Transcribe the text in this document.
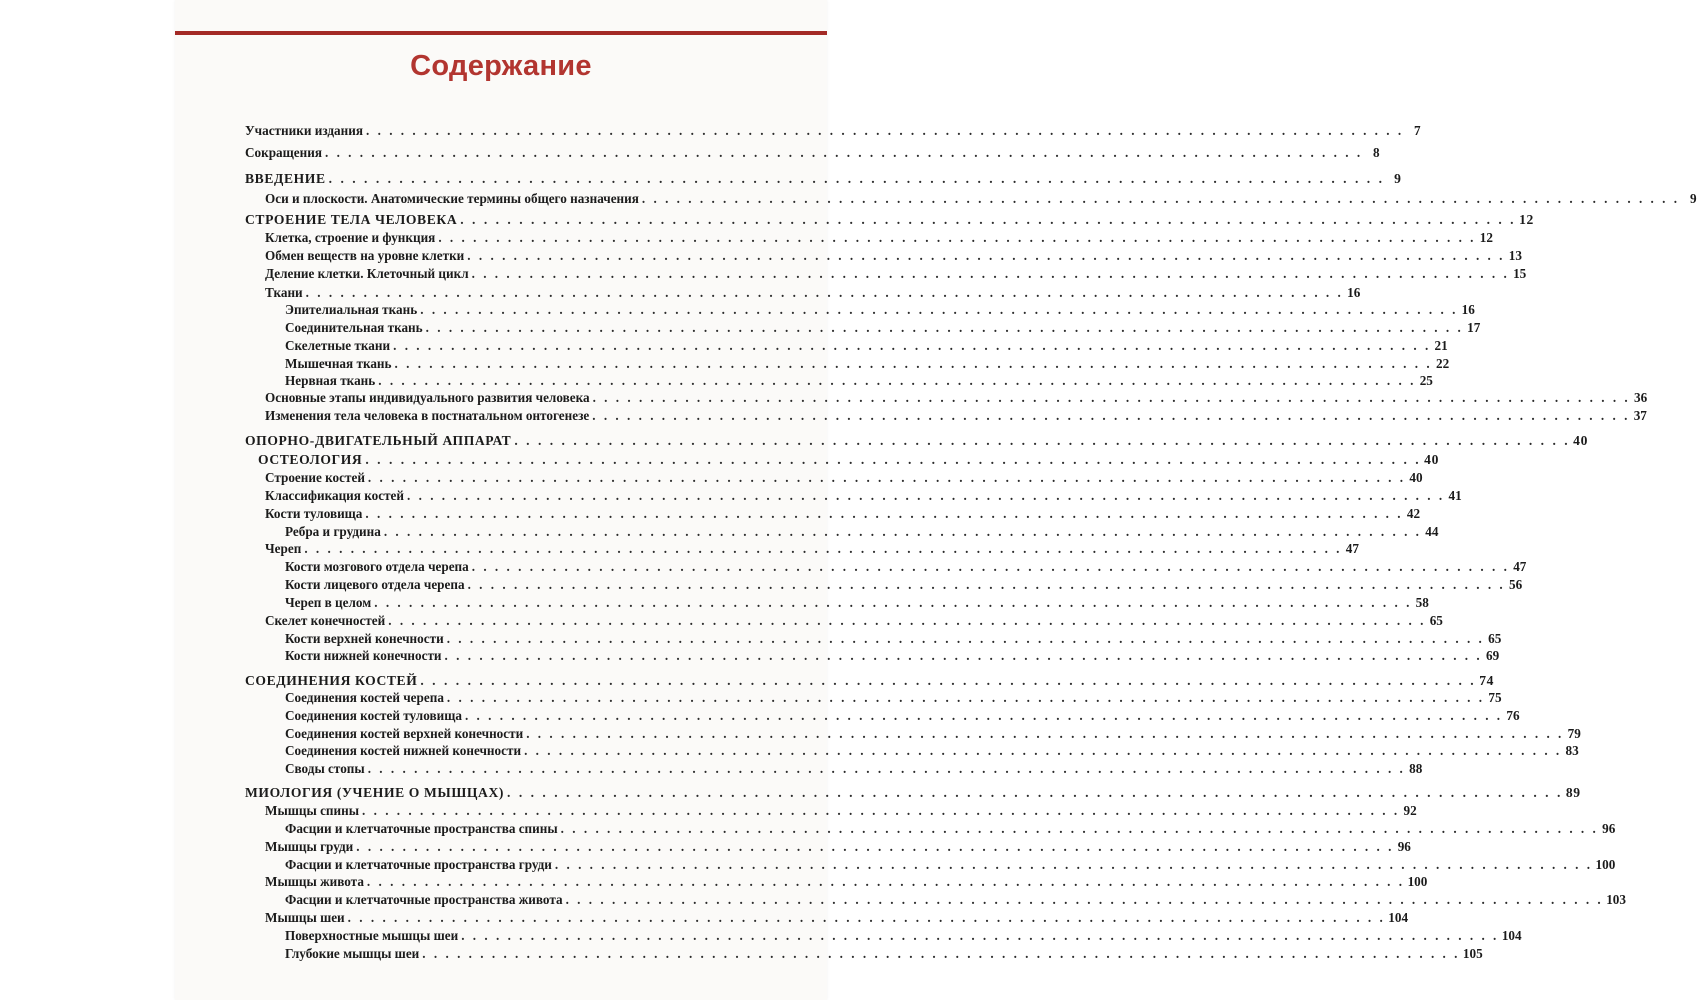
Содержание
Участники издания . . . . . . . . . . . . . . . . . . . . . . . . . . . . . . . . . . . . . . . . . . . . . . . . . . . . . . . . . . . . . . . . . . . . . . . . . . . . . . . . . . . . . . . . . . 7
Сокращения . . . . . . . . . . . . . . . . . . . . . . . . . . . . . . . . . . . . . . . . . . . . . . . . . . . . . . . . . . . . . . . . . . . . . . . . . . . . . . . . . . . . . . . . . . 8
ВВЕДЕНИЕ . . . . . . . . . . . . . . . . . . . . . . . . . . . . . . . . . . . . . . . . . . . . . . . . . . . . . . . . . . . . . . . . . . . . . . . . . . . . . . . . . . . . . . . . . . 9
Оси и плоскости. Анатомические термины общего назначения . . . . . . . . . . . . . . . . . . . . . . . . . . . . . . . . . . . . . . . . . . . . . . . . . . . . . . . . . . . . . . . . . . . . . . . . . . . . . . . . . . . . . . . . . . 9
СТРОЕНИЕ ТЕЛА ЧЕЛОВЕКА . . . . . . . . . . . . . . . . . . . . . . . . . . . . . . . . . . . . . . . . . . . . . . . . . . . . . . . . . . . . . . . . . . . . . . . . . . . . . . . . . . . . . . . . . . 12
Клетка, строение и функция . . . . . . . . . . . . . . . . . . . . . . . . . . . . . . . . . . . . . . . . . . . . . . . . . . . . . . . . . . . . . . . . . . . . . . . . . . . . . . . . . . . . . . . . . . 12
Обмен веществ на уровне клетки . . . . . . . . . . . . . . . . . . . . . . . . . . . . . . . . . . . . . . . . . . . . . . . . . . . . . . . . . . . . . . . . . . . . . . . . . . . . . . . . . . . . . . . . . . 13
Деление клетки. Клеточный цикл . . . . . . . . . . . . . . . . . . . . . . . . . . . . . . . . . . . . . . . . . . . . . . . . . . . . . . . . . . . . . . . . . . . . . . . . . . . . . . . . . . . . . . . . . . 15
Ткани . . . . . . . . . . . . . . . . . . . . . . . . . . . . . . . . . . . . . . . . . . . . . . . . . . . . . . . . . . . . . . . . . . . . . . . . . . . . . . . . . . . . . . . . . . 16
Эпителиальная ткань . . . . . . . . . . . . . . . . . . . . . . . . . . . . . . . . . . . . . . . . . . . . . . . . . . . . . . . . . . . . . . . . . . . . . . . . . . . . . . . . . . . . . . . . . . 16
Соединительная ткань . . . . . . . . . . . . . . . . . . . . . . . . . . . . . . . . . . . . . . . . . . . . . . . . . . . . . . . . . . . . . . . . . . . . . . . . . . . . . . . . . . . . . . . . . . 17
Скелетные ткани . . . . . . . . . . . . . . . . . . . . . . . . . . . . . . . . . . . . . . . . . . . . . . . . . . . . . . . . . . . . . . . . . . . . . . . . . . . . . . . . . . . . . . . . . . 21
Мышечная ткань . . . . . . . . . . . . . . . . . . . . . . . . . . . . . . . . . . . . . . . . . . . . . . . . . . . . . . . . . . . . . . . . . . . . . . . . . . . . . . . . . . . . . . . . . . 22
Нервная ткань . . . . . . . . . . . . . . . . . . . . . . . . . . . . . . . . . . . . . . . . . . . . . . . . . . . . . . . . . . . . . . . . . . . . . . . . . . . . . . . . . . . . . . . . . . 25
Основные этапы индивидуального развития человека . . . . . . . . . . . . . . . . . . . . . . . . . . . . . . . . . . . . . . . . . . . . . . . . . . . . . . . . . . . . . . . . . . . . . . . . . . . . . . . . . . . . . . . . . . 36
Изменения тела человека в постнатальном онтогенезе . . . . . . . . . . . . . . . . . . . . . . . . . . . . . . . . . . . . . . . . . . . . . . . . . . . . . . . . . . . . . . . . . . . . . . . . . . . . . . . . . . . . . . . . . . 37
ОПОРНО-ДВИГАТЕЛЬНЫЙ АППАРАТ . . . . . . . . . . . . . . . . . . . . . . . . . . . . . . . . . . . . . . . . . . . . . . . . . . . . . . . . . . . . . . . . . . . . . . . . . . . . . . . . . . . . . . . . . . 40
ОСТЕОЛОГИЯ . . . . . . . . . . . . . . . . . . . . . . . . . . . . . . . . . . . . . . . . . . . . . . . . . . . . . . . . . . . . . . . . . . . . . . . . . . . . . . . . . . . . . . . . . . 40
Строение костей . . . . . . . . . . . . . . . . . . . . . . . . . . . . . . . . . . . . . . . . . . . . . . . . . . . . . . . . . . . . . . . . . . . . . . . . . . . . . . . . . . . . . . . . . . 40
Классификация костей . . . . . . . . . . . . . . . . . . . . . . . . . . . . . . . . . . . . . . . . . . . . . . . . . . . . . . . . . . . . . . . . . . . . . . . . . . . . . . . . . . . . . . . . . . 41
Кости туловища . . . . . . . . . . . . . . . . . . . . . . . . . . . . . . . . . . . . . . . . . . . . . . . . . . . . . . . . . . . . . . . . . . . . . . . . . . . . . . . . . . . . . . . . . . 42
Ребра и грудина . . . . . . . . . . . . . . . . . . . . . . . . . . . . . . . . . . . . . . . . . . . . . . . . . . . . . . . . . . . . . . . . . . . . . . . . . . . . . . . . . . . . . . . . . . 44
Череп . . . . . . . . . . . . . . . . . . . . . . . . . . . . . . . . . . . . . . . . . . . . . . . . . . . . . . . . . . . . . . . . . . . . . . . . . . . . . . . . . . . . . . . . . . 47
Кости мозгового отдела черепа . . . . . . . . . . . . . . . . . . . . . . . . . . . . . . . . . . . . . . . . . . . . . . . . . . . . . . . . . . . . . . . . . . . . . . . . . . . . . . . . . . . . . . . . . . 47
Кости лицевого отдела черепа . . . . . . . . . . . . . . . . . . . . . . . . . . . . . . . . . . . . . . . . . . . . . . . . . . . . . . . . . . . . . . . . . . . . . . . . . . . . . . . . . . . . . . . . . . 56
Череп в целом . . . . . . . . . . . . . . . . . . . . . . . . . . . . . . . . . . . . . . . . . . . . . . . . . . . . . . . . . . . . . . . . . . . . . . . . . . . . . . . . . . . . . . . . . . 58
Скелет конечностей . . . . . . . . . . . . . . . . . . . . . . . . . . . . . . . . . . . . . . . . . . . . . . . . . . . . . . . . . . . . . . . . . . . . . . . . . . . . . . . . . . . . . . . . . . 65
Кости верхней конечности . . . . . . . . . . . . . . . . . . . . . . . . . . . . . . . . . . . . . . . . . . . . . . . . . . . . . . . . . . . . . . . . . . . . . . . . . . . . . . . . . . . . . . . . . . 65
Кости нижней конечности . . . . . . . . . . . . . . . . . . . . . . . . . . . . . . . . . . . . . . . . . . . . . . . . . . . . . . . . . . . . . . . . . . . . . . . . . . . . . . . . . . . . . . . . . . 69
СОЕДИНЕНИЯ КОСТЕЙ . . . . . . . . . . . . . . . . . . . . . . . . . . . . . . . . . . . . . . . . . . . . . . . . . . . . . . . . . . . . . . . . . . . . . . . . . . . . . . . . . . . . . . . . . . 74
Соединения костей черепа . . . . . . . . . . . . . . . . . . . . . . . . . . . . . . . . . . . . . . . . . . . . . . . . . . . . . . . . . . . . . . . . . . . . . . . . . . . . . . . . . . . . . . . . . . 75
Соединения костей туловища . . . . . . . . . . . . . . . . . . . . . . . . . . . . . . . . . . . . . . . . . . . . . . . . . . . . . . . . . . . . . . . . . . . . . . . . . . . . . . . . . . . . . . . . . . 76
Соединения костей верхней конечности . . . . . . . . . . . . . . . . . . . . . . . . . . . . . . . . . . . . . . . . . . . . . . . . . . . . . . . . . . . . . . . . . . . . . . . . . . . . . . . . . . . . . . . . . . 79
Соединения костей нижней конечности . . . . . . . . . . . . . . . . . . . . . . . . . . . . . . . . . . . . . . . . . . . . . . . . . . . . . . . . . . . . . . . . . . . . . . . . . . . . . . . . . . . . . . . . . . 83
Своды стопы . . . . . . . . . . . . . . . . . . . . . . . . . . . . . . . . . . . . . . . . . . . . . . . . . . . . . . . . . . . . . . . . . . . . . . . . . . . . . . . . . . . . . . . . . . 88
МИОЛОГИЯ (УЧЕНИЕ О МЫШЦАХ) . . . . . . . . . . . . . . . . . . . . . . . . . . . . . . . . . . . . . . . . . . . . . . . . . . . . . . . . . . . . . . . . . . . . . . . . . . . . . . . . . . . . . . . . . . 89
Мышцы спины . . . . . . . . . . . . . . . . . . . . . . . . . . . . . . . . . . . . . . . . . . . . . . . . . . . . . . . . . . . . . . . . . . . . . . . . . . . . . . . . . . . . . . . . . . 92
Фасции и клетчаточные пространства спины . . . . . . . . . . . . . . . . . . . . . . . . . . . . . . . . . . . . . . . . . . . . . . . . . . . . . . . . . . . . . . . . . . . . . . . . . . . . . . . . . . . . . . . . . . 96
Мышцы груди . . . . . . . . . . . . . . . . . . . . . . . . . . . . . . . . . . . . . . . . . . . . . . . . . . . . . . . . . . . . . . . . . . . . . . . . . . . . . . . . . . . . . . . . . . 96
Фасции и клетчаточные пространства груди . . . . . . . . . . . . . . . . . . . . . . . . . . . . . . . . . . . . . . . . . . . . . . . . . . . . . . . . . . . . . . . . . . . . . . . . . . . . . . . . . . . . . . . . . . 100
Мышцы живота . . . . . . . . . . . . . . . . . . . . . . . . . . . . . . . . . . . . . . . . . . . . . . . . . . . . . . . . . . . . . . . . . . . . . . . . . . . . . . . . . . . . . . . . . . 100
Фасции и клетчаточные пространства живота . . . . . . . . . . . . . . . . . . . . . . . . . . . . . . . . . . . . . . . . . . . . . . . . . . . . . . . . . . . . . . . . . . . . . . . . . . . . . . . . . . . . . . . . . . 103
Мышцы шеи . . . . . . . . . . . . . . . . . . . . . . . . . . . . . . . . . . . . . . . . . . . . . . . . . . . . . . . . . . . . . . . . . . . . . . . . . . . . . . . . . . . . . . . . . . 104
Поверхностные мышцы шеи . . . . . . . . . . . . . . . . . . . . . . . . . . . . . . . . . . . . . . . . . . . . . . . . . . . . . . . . . . . . . . . . . . . . . . . . . . . . . . . . . . . . . . . . . . 104
Глубокие мышцы шеи . . . . . . . . . . . . . . . . . . . . . . . . . . . . . . . . . . . . . . . . . . . . . . . . . . . . . . . . . . . . . . . . . . . . . . . . . . . . . . . . . . . . . . . . . . 105
